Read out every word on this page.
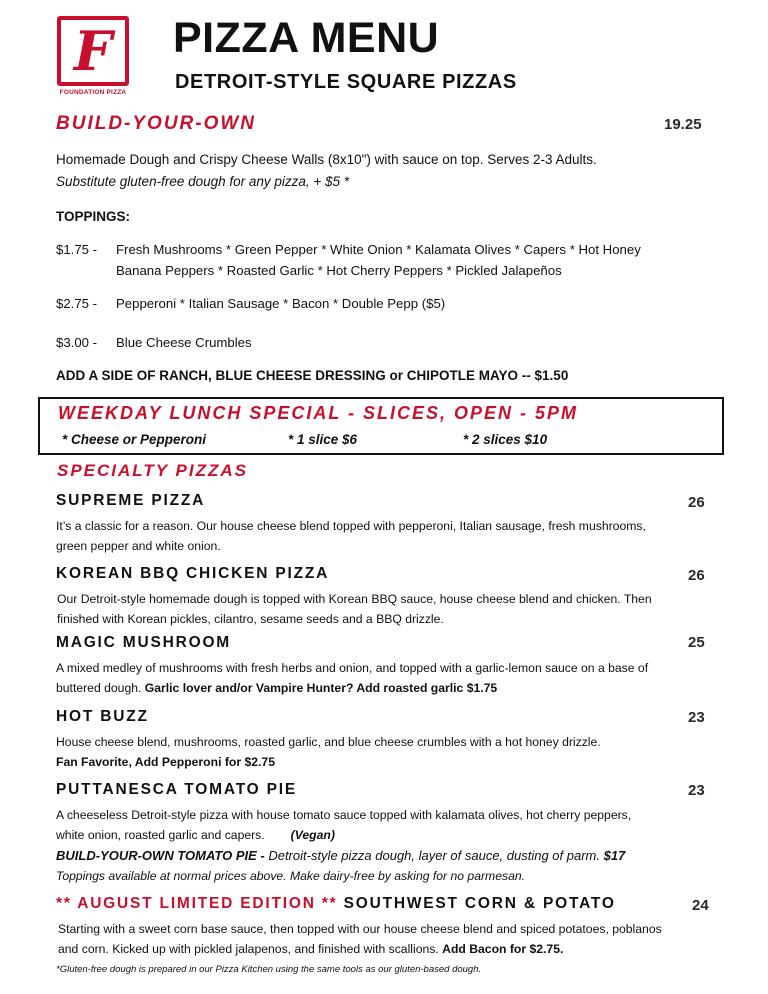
F
FOUNDATION PIZZA
PIZZA MENU
DETROIT-STYLE SQUARE PIZZAS
BUILD-YOUR-OWN	19.25
Homemade Dough and Crispy Cheese Walls (8x10") with sauce on top. Serves 2-3 Adults.
Substitute gluten-free dough for any pizza, + $5 *
TOPPINGS:
$1.75 - Fresh Mushrooms * Green Pepper * White Onion * Kalamata Olives * Capers * Hot Honey
Banana Peppers * Roasted Garlic * Hot Cherry Peppers * Pickled Jalapeños
$2.75 - Pepperoni * Italian Sausage * Bacon * Double Pepp ($5)
$3.00 - Blue Cheese Crumbles
ADD A SIDE OF RANCH, BLUE CHEESE DRESSING or CHIPOTLE MAYO -- $1.50
WEEKDAY LUNCH SPECIAL - SLICES, OPEN - 5PM
* Cheese or Pepperoni	* 1 slice $6	* 2 slices $10
SPECIALTY PIZZAS
SUPREME PIZZA	26
It’s a classic for a reason. Our house cheese blend topped with pepperoni, Italian sausage, fresh mushrooms,
green pepper and white onion.
KOREAN BBQ CHICKEN PIZZA	26
Our Detroit-style homemade dough is topped with Korean BBQ sauce, house cheese blend and chicken. Then
finished with Korean pickles, cilantro, sesame seeds and a BBQ drizzle.
MAGIC MUSHROOM	25
A mixed medley of mushrooms with fresh herbs and onion, and topped with a garlic-lemon sauce on a base of
buttered dough. Garlic lover and/or Vampire Hunter? Add roasted garlic $1.75
HOT BUZZ	23
House cheese blend, mushrooms, roasted garlic, and blue cheese crumbles with a hot honey drizzle.
Fan Favorite, Add Pepperoni for $2.75
PUTTANESCA TOMATO PIE	23
A cheeseless Detroit-style pizza with house tomato sauce topped with kalamata olives, hot cherry peppers,
white onion, roasted garlic and capers. (Vegan)
BUILD-YOUR-OWN TOMATO PIE - Detroit-style pizza dough, layer of sauce, dusting of parm. $17
Toppings available at normal prices above. Make dairy-free by asking for no parmesan.
** AUGUST LIMITED EDITION ** SOUTHWEST CORN & POTATO	24
Starting with a sweet corn base sauce, then topped with our house cheese blend and spiced potatoes, poblanos
and corn. Kicked up with pickled jalapenos, and finished with scallions. Add Bacon for $2.75.
*Gluten-free dough is prepared in our Pizza Kitchen using the same tools as our gluten-based dough.
